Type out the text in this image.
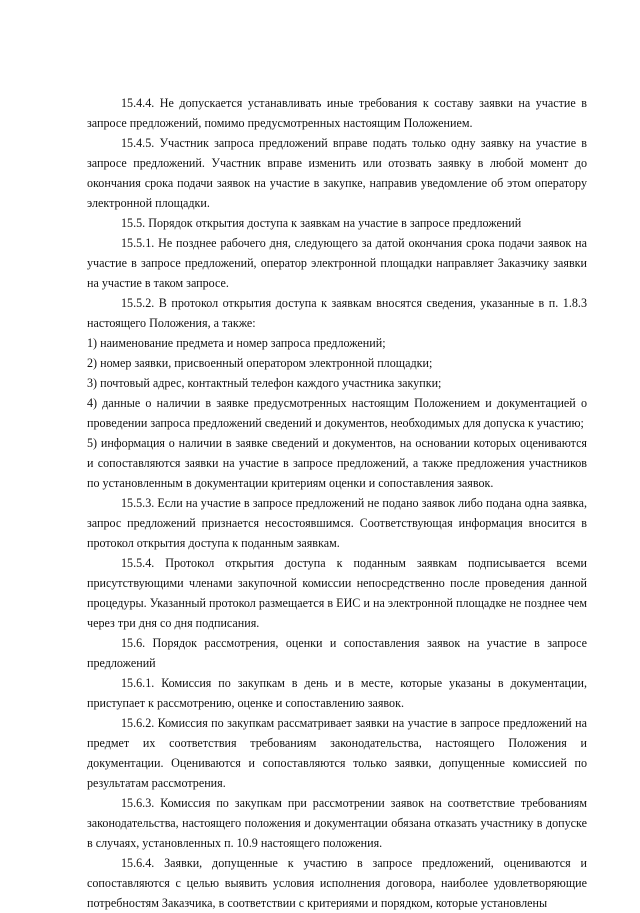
15.4.4. Не допускается устанавливать иные требования к составу заявки на участие в запросе предложений, помимо предусмотренных настоящим Положением.

15.4.5. Участник запроса предложений вправе подать только одну заявку на участие в запросе предложений. Участник вправе изменить или отозвать заявку в любой момент до окончания срока подачи заявок на участие в закупке, направив уведомление об этом оператору электронной площадки.

15.5. Порядок открытия доступа к заявкам на участие в запросе предложений

15.5.1. Не позднее рабочего дня, следующего за датой окончания срока подачи заявок на участие в запросе предложений, оператор электронной площадки направляет Заказчику заявки на участие в таком запросе.

15.5.2. В протокол открытия доступа к заявкам вносятся сведения, указанные в п. 1.8.3 настоящего Положения, а также:

1) наименование предмета и номер запроса предложений;

2) номер заявки, присвоенный оператором электронной площадки;

3) почтовый адрес, контактный телефон каждого участника закупки;

4) данные о наличии в заявке предусмотренных настоящим Положением и документацией о проведении запроса предложений сведений и документов, необходимых для допуска к участию;

5) информация о наличии в заявке сведений и документов, на основании которых оцениваются и сопоставляются заявки на участие в запросе предложений, а также предложения участников по установленным в документации критериям оценки и сопоставления заявок.

15.5.3. Если на участие в запросе предложений не подано заявок либо подана одна заявка, запрос предложений признается несостоявшимся. Соответствующая информация вносится в протокол открытия доступа к поданным заявкам.

15.5.4. Протокол открытия доступа к поданным заявкам подписывается всеми присутствующими членами закупочной комиссии непосредственно после проведения данной процедуры. Указанный протокол размещается в ЕИС и на электронной площадке не позднее чем через три дня со дня подписания.

15.6. Порядок рассмотрения, оценки и сопоставления заявок на участие в запросе предложений

15.6.1. Комиссия по закупкам в день и в месте, которые указаны в документации, приступает к рассмотрению, оценке и сопоставлению заявок.

15.6.2. Комиссия по закупкам рассматривает заявки на участие в запросе предложений на предмет их соответствия требованиям законодательства, настоящего Положения и документации. Оцениваются и сопоставляются только заявки, допущенные комиссией по результатам рассмотрения.

15.6.3. Комиссия по закупкам при рассмотрении заявок на соответствие требованиям законодательства, настоящего положения и документации обязана отказать участнику в допуске в случаях, установленных п. 10.9 настоящего положения.

15.6.4. Заявки, допущенные к участию в запросе предложений, оцениваются и сопоставляются с целью выявить условия исполнения договора, наиболее удовлетворяющие потребностям Заказчика, в соответствии с критериями и порядком, которые установлены
